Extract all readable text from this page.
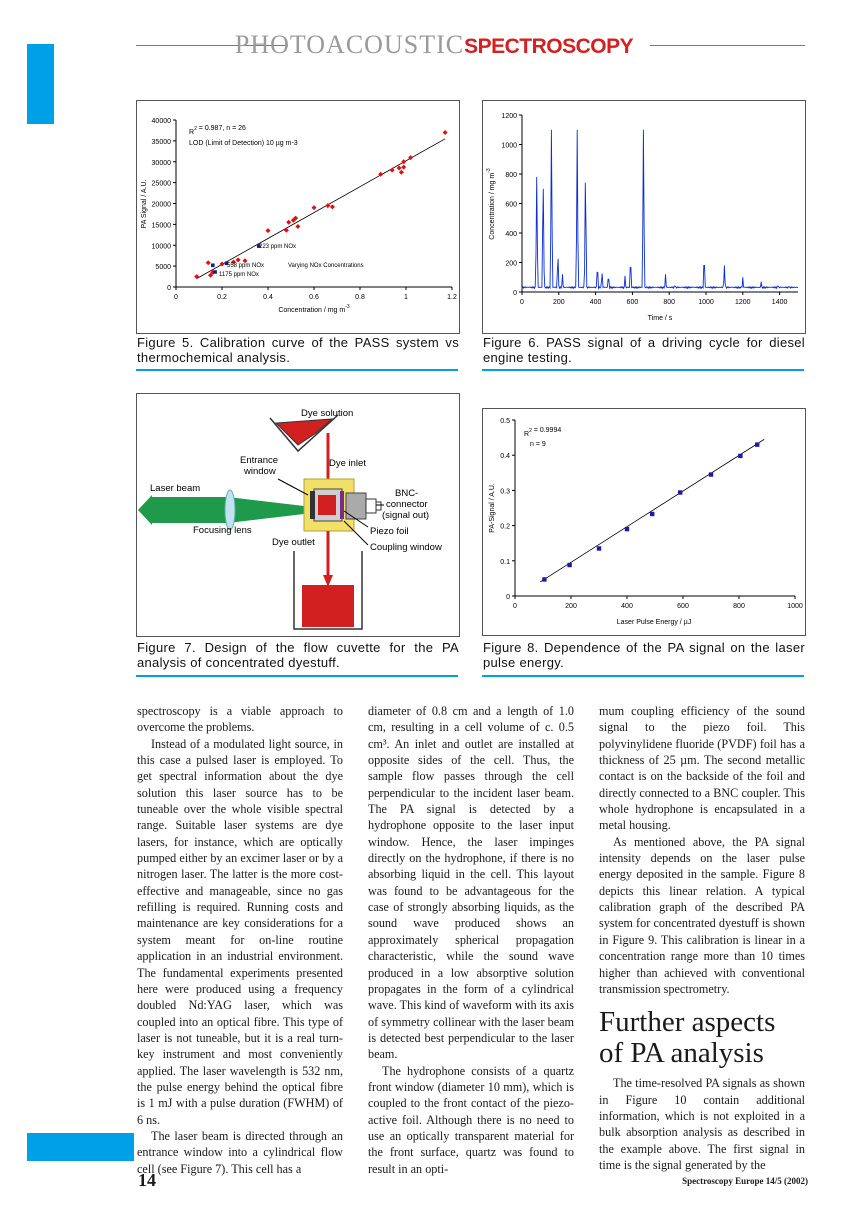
PHOTOACOUSTICSPECTROSCOPY
0	0.2	0.4	0.6	0.8	1	1.2
0
5000
10000
15000
20000
25000
30000
35000
40000
$R^2 = 0.987$, n = 26
LOD (Limit of Detection) 10 µg m-3
223 ppm NOx
558 ppm NOx
1175 ppm NOx
Varying NOx Concentrations
Concentration / mg $m^{-3}$
PA Signal / A.U.
Figure 5. Calibration curve of the PASS system vs thermochemical analysis.
0	200	400	600	800	1000	1200	1400
0
200
400
600
800
1000
1200
Time / s
Concentration / mg $m^{-3}$
Figure 6. PASS signal of a driving cycle for diesel engine testing.
Dye solution
Entrance
window
Dye inlet
Laser beam	BNC-
connector
(signal out)
Focusing lens	Piezo foil
Dye outlet	Coupling window
Figure 7. Design of the flow cuvette for the PA analysis of concentrated dyestuff.
0	200	400	600	800	1000
0
0.1
0.2
0.3
0.4
0.5
$R^2 = 0.9994$
n = 9
Laser Pulse Energy / µJ
PA-Signal / A.U.
Figure 8. Dependence of the PA signal on the laser pulse energy.

spectroscopy is a viable approach to overcome the problems.

Instead of a modulated light source, in this case a pulsed laser is employed. To get spectral information about the dye solution this laser source has to be tuneable over the whole visible spectral range. Suitable laser systems are dye lasers, for instance, which are optically pumped either by an excimer laser or by a nitrogen laser. The latter is the more cost-effective and manageable, since no gas refilling is required. Running costs and maintenance are key considerations for a system meant for on-line routine application in an industrial environment. The fundamental experiments presented here were produced using a frequency doubled Nd:YAG laser, which was coupled into an optical fibre. This type of laser is not tuneable, but it is a real turn-key instrument and most conveniently applied. The laser wavelength is 532 nm, the pulse energy behind the optical fibre is 1 mJ with a pulse duration (FWHM) of 6 ns.

The laser beam is directed through an entrance window into a cylindrical flow cell (see Figure 7). This cell has a

diameter of 0.8 cm and a length of 1.0 cm, resulting in a cell volume of c. 0.5 cm³. An inlet and outlet are installed at opposite sides of the cell. Thus, the sample flow passes through the cell perpendicular to the incident laser beam. The PA signal is detected by a hydrophone opposite to the laser input window. Hence, the laser impinges directly on the hydrophone, if there is no absorbing liquid in the cell. This layout was found to be advantageous for the case of strongly absorbing liquids, as the sound wave produced shows an approximately spherical propagation characteristic, while the sound wave produced in a low absorptive solution propagates in the form of a cylindrical wave. This kind of waveform with its axis of symmetry collinear with the laser beam is detected best perpendicular to the laser beam.

The hydrophone consists of a quartz front window (diameter 10 mm), which is coupled to the front contact of the piezo-active foil. Although there is no need to use an optically transparent material for the front surface, quartz was found to result in an opti-

mum coupling efficiency of the sound signal to the piezo foil. This polyvinylidene fluoride (PVDF) foil has a thickness of 25 µm. The second metallic contact is on the backside of the foil and directly connected to a BNC coupler. This whole hydrophone is encapsulated in a metal housing.

As mentioned above, the PA signal intensity depends on the laser pulse energy deposited in the sample. Figure 8 depicts this linear relation. A typical calibration graph of the described PA system for concentrated dyestuff is shown in Figure 9. This calibration is linear in a concentration range more than 10 times higher than achieved with conventional transmission spectrometry.

Further aspects of PA analysis

The time-resolved PA signals as shown in Figure 10 contain additional information, which is not exploited in a bulk absorption analysis as described in the example above. The first signal in time is the signal generated by the

14	Spectroscopy Europe 14/5 (2002)
